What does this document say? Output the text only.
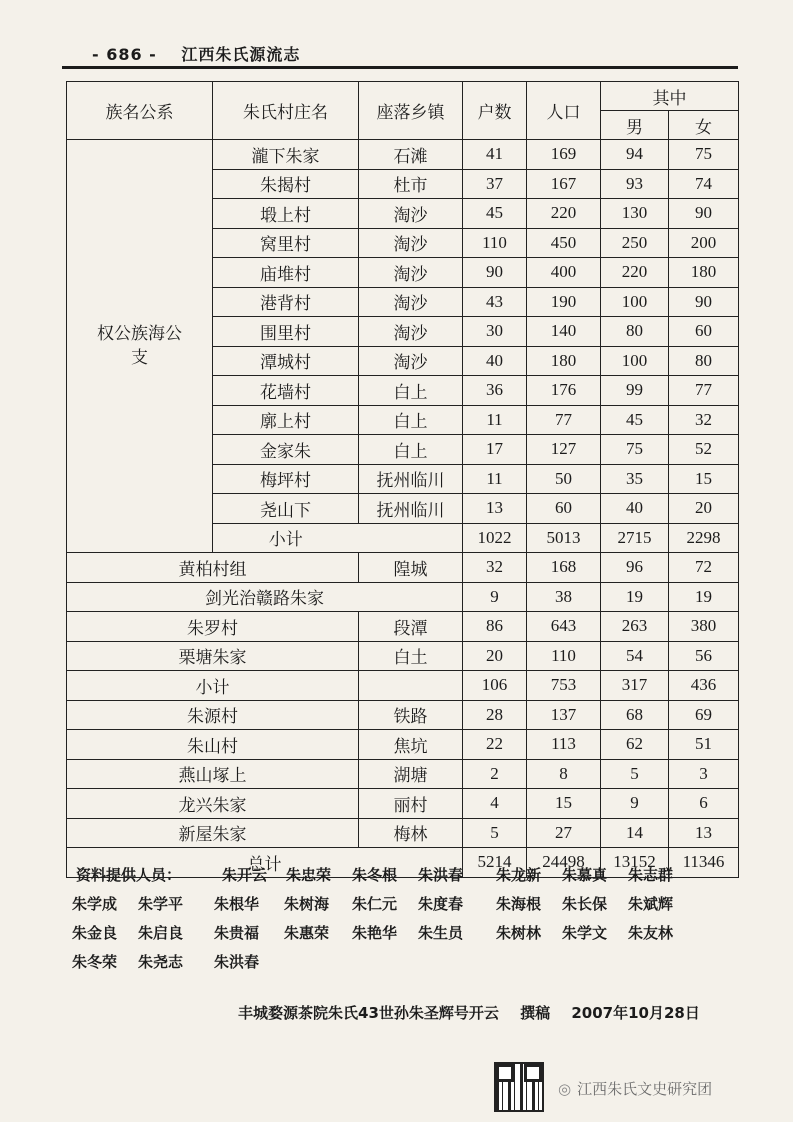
- 686 - 江西朱氏源流志
族名公系	朱氏村庄名	座落乡镇	户数	人口	其中	
					男	女
权公族海公支	瀧下朱家	石滩	41	169	94	75
	朱揭村	杜市	37	167	93	74
	塅上村	淘沙	45	220	130	90
	窝里村	淘沙	110	450	250	200
	庙堆村	淘沙	90	400	220	180
	港背村	淘沙	43	190	100	90
	围里村	淘沙	30	140	80	60
	潭城村	淘沙	40	180	100	80
	花墙村	白上	36	176	99	77
	廓上村	白上	11	77	45	32
	金家朱	白上	17	127	75	52
	梅坪村	抚州临川	11	50	35	15
	尧山下	抚州临川	13	60	40	20
	小计		1022	5013	2715	2298
黄柏村组		隍城	32	168	96	72
剑光治赣路朱家			9	38	19	19
朱罗村		段潭	86	643	263	380
栗塘朱家		白土	20	110	54	56
小计			106	753	317	436
朱源村		铁路	28	137	68	69
朱山村		焦坑	22	113	62	51
燕山塚上		湖塘	2	8	5	3
龙兴朱家		丽村	4	15	9	6
新屋朱家		梅林	5	27	14	13
总计			5214	24498	13152	11346
资料提供人员：	朱开云 朱忠荣 朱冬根 朱洪春 朱龙新 朱慕真 朱志群
朱学成 朱学平 朱根华 朱树海 朱仁元 朱度春 朱海根 朱长保 朱斌辉
朱金良 朱启良 朱贵福 朱惠荣 朱艳华 朱生员 朱树林 朱学文 朱友林
朱冬荣 朱尧志 朱洪春
丰城婺源茶院朱氏43世孙朱圣辉号开云 撰稿 2007年10月28日
◎ 江西朱氏文史研究团
